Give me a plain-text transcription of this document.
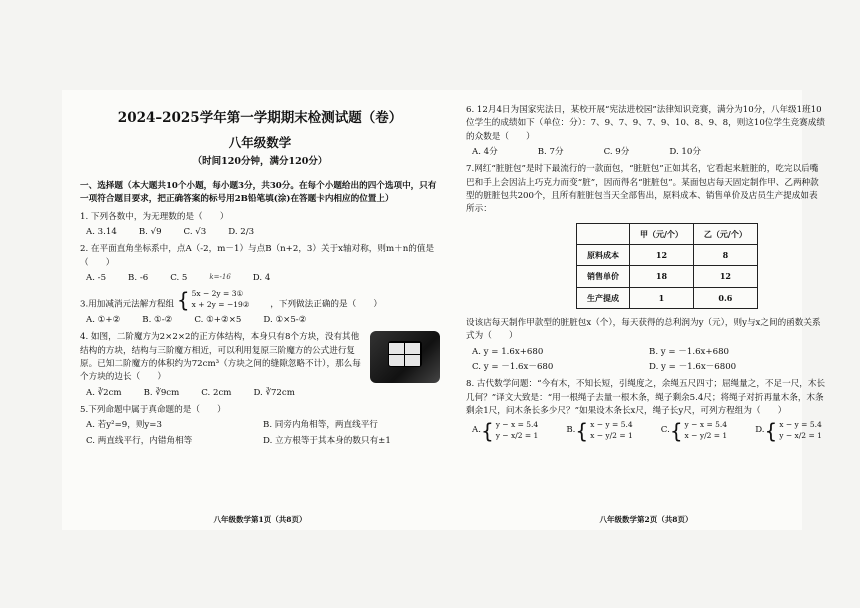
2024–2025学年第一学期期末检测试题（卷）
八年级数学
（时间120分钟，满分120分）
一、选择题（本大题共10个小题，每小题3分，共30分。在每个小题给出的四个选项中，只有一项符合题目要求，把正确答案的标号用2B铅笔填(涂)在答题卡内相应的位置上）
1. 下列各数中，为无理数的是（　　）
A. 3.14	B. √9	C. √3	D. 2/3
2. 在平面直角坐标系中，点A（-2，m－1）与点B（n+2，3）关于x轴对称，则m＋n的值是（　　）
A. -5	B. -6	C. 5	k=-16	D. 4
3.用加减消元法解方程组 { 5x − 2y = 3①
x + 2y = −19② ，下列做法正确的是（　　）
A. ①+②	B. ①-②	C. ①+②×5	D. ①×5-②
4. 如图，二阶魔方为2×2×2的正方体结构，本身只有8个方块，没有其他结构的方块，结构与三阶魔方相近，可以利用复原三阶魔方的公式进行复原。已知二阶魔方的体积约为72cm³（方块之间的缝隙忽略不计），那么每个方块的边长（　　）
A. ∛2cm	B. ∛9cm	C. 2cm	D. ∛72cm
5.下列命题中属于真命题的是（　　）
A. 若y²=9，则y=3	B. 同旁内角相等，两直线平行
C. 两直线平行，内错角相等	D. 立方根等于其本身的数只有±1
八年级数学第1页（共8页）
6. 12月4日为国家宪法日，某校开展“宪法进校园”法律知识竞赛，满分为10分，八年级1班10位学生的成绩如下（单位：分）：7、9、7、9、7、9、10、8、9、8，则这10位学生竞赛成绩的众数是（　　）
A. 4分	B. 7分	C. 9分	D. 10分
7.网红“脏脏包”是时下最流行的一款面包，“脏脏包”正如其名，它看起来脏脏的，吃完以后嘴巴和手上会因沾上巧克力而变“脏”，因而得名“脏脏包”。某面包店每天固定制作甲、乙两种款型的脏脏包共200个，且所有脏脏包当天全部售出，原料成本、销售单价及店员生产提成如表所示：
	甲（元/个）	乙（元/个）
原料成本	12	8
销售单价	18	12
生产提成	1	0.6
设该店每天制作甲款型的脏脏包x（个），每天获得的总利润为y（元），则y与x之间的函数关系式为（　　）
A. y = 1.6x+680	B. y = －1.6x+680
C. y = －1.6x－680	D. y = －1.6x－6800
8. 古代数学问题：“今有木，不知长短，引绳度之，余绳五尺四寸；屈绳量之，不足一尺，木长几何？”译文大致是：“用一根绳子去量一根木条，绳子剩余5.4尺；将绳子对折再量木条，木条剩余1尺，问木条长多少尺？”如果设木条长x尺，绳子长y尺，可列方程组为（　　）
A. { y − x = 5.4
y − x/2 = 1
B. { x − y = 5.4
x − y/2 = 1
C. { y − x = 5.4
x − y/2 = 1
D. { x − y = 5.4
y − x/2 = 1
八年级数学第2页（共8页）
